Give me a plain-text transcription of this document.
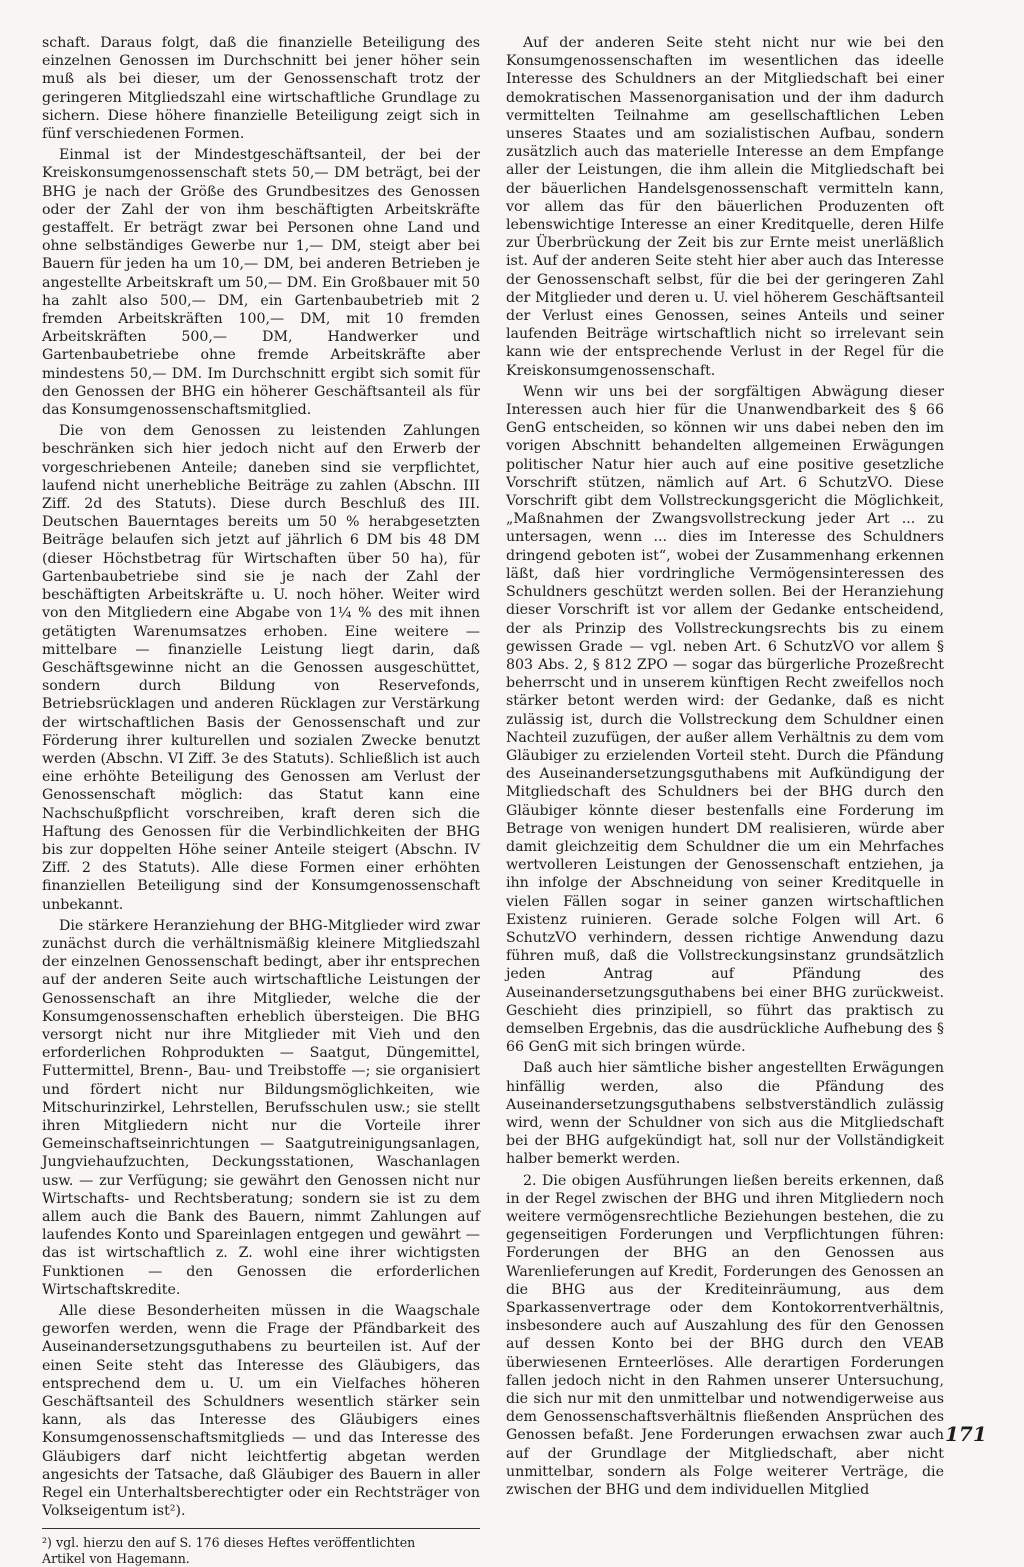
schaft. Daraus folgt, daß die finanzielle Beteiligung des einzelnen Genossen im Durchschnitt bei jener höher sein muß als bei dieser, um der Genossenschaft trotz der geringeren Mitgliedszahl eine wirtschaftliche Grundlage zu sichern. Diese höhere finanzielle Beteiligung zeigt sich in fünf verschiedenen Formen.

Einmal ist der Mindestgeschäftsanteil, der bei der Kreiskonsumgenossenschaft stets 50,— DM beträgt, bei der BHG je nach der Größe des Grundbesitzes des Genossen oder der Zahl der von ihm beschäftigten Arbeitskräfte gestaffelt. Er beträgt zwar bei Personen ohne Land und ohne selbständiges Gewerbe nur 1,— DM, steigt aber bei Bauern für jeden ha um 10,— DM, bei anderen Betrieben je angestellte Arbeitskraft um 50,— DM. Ein Großbauer mit 50 ha zahlt also 500,— DM, ein Gartenbaubetrieb mit 2 fremden Arbeitskräften 100,— DM, mit 10 fremden Arbeitskräften 500,— DM, Handwerker und Gartenbaubetriebe ohne fremde Arbeitskräfte aber mindestens 50,— DM. Im Durchschnitt ergibt sich somit für den Genossen der BHG ein höherer Geschäftsanteil als für das Konsumgenossenschaftsmitglied.

Die von dem Genossen zu leistenden Zahlungen beschränken sich hier jedoch nicht auf den Erwerb der vorgeschriebenen Anteile; daneben sind sie verpflichtet, laufend nicht unerhebliche Beiträge zu zahlen (Abschn. III Ziff. 2d des Statuts). Diese durch Beschluß des III. Deutschen Bauerntages bereits um 50 % herabgesetzten Beiträge belaufen sich jetzt auf jährlich 6 DM bis 48 DM (dieser Höchstbetrag für Wirtschaften über 50 ha), für Gartenbaubetriebe sind sie je nach der Zahl der beschäftigten Arbeitskräfte u. U. noch höher. Weiter wird von den Mitgliedern eine Abgabe von 1¼ % des mit ihnen getätigten Warenumsatzes erhoben. Eine weitere — mittelbare — finanzielle Leistung liegt darin, daß Geschäftsgewinne nicht an die Genossen ausgeschüttet, sondern durch Bildung von Reservefonds, Betriebsrücklagen und anderen Rücklagen zur Verstärkung der wirtschaftlichen Basis der Genossenschaft und zur Förderung ihrer kulturellen und sozialen Zwecke benutzt werden (Abschn. VI Ziff. 3e des Statuts). Schließlich ist auch eine erhöhte Beteiligung des Genossen am Verlust der Genossenschaft möglich: das Statut kann eine Nachschußpflicht vorschreiben, kraft deren sich die Haftung des Genossen für die Verbindlichkeiten der BHG bis zur doppelten Höhe seiner Anteile steigert (Abschn. IV Ziff. 2 des Statuts). Alle diese Formen einer erhöhten finanziellen Beteiligung sind der Konsumgenossenschaft unbekannt.

Die stärkere Heranziehung der BHG-Mitglieder wird zwar zunächst durch die verhältnismäßig kleinere Mitgliedszahl der einzelnen Genossenschaft bedingt, aber ihr entsprechen auf der anderen Seite auch wirtschaftliche Leistungen der Genossenschaft an ihre Mitglieder, welche die der Konsumgenossenschaften erheblich übersteigen. Die BHG versorgt nicht nur ihre Mitglieder mit Vieh und den erforderlichen Rohprodukten — Saatgut, Düngemittel, Futtermittel, Brenn-, Bau- und Treibstoffe —; sie organisiert und fördert nicht nur Bildungsmöglichkeiten, wie Mitschurinzirkel, Lehrstellen, Berufsschulen usw.; sie stellt ihren Mitgliedern nicht nur die Vorteile ihrer Gemeinschaftseinrichtungen — Saatgutreinigungsanlagen, Jungviehaufzuchten, Deckungsstationen, Waschanlagen usw. — zur Verfügung; sie gewährt den Genossen nicht nur Wirtschafts- und Rechtsberatung; sondern sie ist zu dem allem auch die Bank des Bauern, nimmt Zahlungen auf laufendes Konto und Spareinlagen entgegen und gewährt — das ist wirtschaftlich z. Z. wohl eine ihrer wichtigsten Funktionen — den Genossen die erforderlichen Wirtschaftskredite.

Alle diese Besonderheiten müssen in die Waagschale geworfen werden, wenn die Frage der Pfändbarkeit des Auseinandersetzungsguthabens zu beurteilen ist. Auf der einen Seite steht das Interesse des Gläubigers, das entsprechend dem u. U. um ein Vielfaches höheren Geschäftsanteil des Schuldners wesentlich stärker sein kann, als das Interesse des Gläubigers eines Konsumgenossenschaftsmitglieds — und das Interesse des Gläubigers darf nicht leichtfertig abgetan werden angesichts der Tatsache, daß Gläubiger des Bauern in aller Regel ein Unterhaltsberechtigter oder ein Rechtsträger von Volkseigentum ist²).

²) vgl. hierzu den auf S. 176 dieses Heftes veröffentlichten
Artikel von Hagemann.

Auf der anderen Seite steht nicht nur wie bei den Konsumgenossenschaften im wesentlichen das ideelle Interesse des Schuldners an der Mitgliedschaft bei einer demokratischen Massenorganisation und der ihm dadurch vermittelten Teilnahme am gesellschaftlichen Leben unseres Staates und am sozialistischen Aufbau, sondern zusätzlich auch das materielle Interesse an dem Empfange aller der Leistungen, die ihm allein die Mitgliedschaft bei der bäuerlichen Handelsgenossenschaft vermitteln kann, vor allem das für den bäuerlichen Produzenten oft lebenswichtige Interesse an einer Kreditquelle, deren Hilfe zur Überbrückung der Zeit bis zur Ernte meist unerläßlich ist. Auf der anderen Seite steht hier aber auch das Interesse der Genossenschaft selbst, für die bei der geringeren Zahl der Mitglieder und deren u. U. viel höherem Geschäftsanteil der Verlust eines Genossen, seines Anteils und seiner laufenden Beiträge wirtschaftlich nicht so irrelevant sein kann wie der entsprechende Verlust in der Regel für die Kreiskonsumgenossenschaft.

Wenn wir uns bei der sorgfältigen Abwägung dieser Interessen auch hier für die Unanwendbarkeit des § 66 GenG entscheiden, so können wir uns dabei neben den im vorigen Abschnitt behandelten allgemeinen Erwägungen politischer Natur hier auch auf eine positive gesetzliche Vorschrift stützen, nämlich auf Art. 6 SchutzVO. Diese Vorschrift gibt dem Vollstreckungsgericht die Möglichkeit, „Maßnahmen der Zwangsvollstreckung jeder Art ... zu untersagen, wenn ... dies im Interesse des Schuldners dringend geboten ist“, wobei der Zusammenhang erkennen läßt, daß hier vordringliche Vermögensinteressen des Schuldners geschützt werden sollen. Bei der Heranziehung dieser Vorschrift ist vor allem der Gedanke entscheidend, der als Prinzip des Vollstreckungsrechts bis zu einem gewissen Grade — vgl. neben Art. 6 SchutzVO vor allem § 803 Abs. 2, § 812 ZPO — sogar das bürgerliche Prozeßrecht beherrscht und in unserem künftigen Recht zweifellos noch stärker betont werden wird: der Gedanke, daß es nicht zulässig ist, durch die Vollstreckung dem Schuldner einen Nachteil zuzufügen, der außer allem Verhältnis zu dem vom Gläubiger zu erzielenden Vorteil steht. Durch die Pfändung des Auseinandersetzungsguthabens mit Aufkündigung der Mitgliedschaft des Schuldners bei der BHG durch den Gläubiger könnte dieser bestenfalls eine Forderung im Betrage von wenigen hundert DM realisieren, würde aber damit gleichzeitig dem Schuldner die um ein Mehrfaches wertvolleren Leistungen der Genossenschaft entziehen, ja ihn infolge der Abschneidung von seiner Kreditquelle in vielen Fällen sogar in seiner ganzen wirtschaftlichen Existenz ruinieren. Gerade solche Folgen will Art. 6 SchutzVO verhindern, dessen richtige Anwendung dazu führen muß, daß die Vollstreckungsinstanz grundsätzlich jeden Antrag auf Pfändung des Auseinandersetzungsguthabens bei einer BHG zurückweist. Geschieht dies prinzipiell, so führt das praktisch zu demselben Ergebnis, das die ausdrückliche Aufhebung des § 66 GenG mit sich bringen würde.

Daß auch hier sämtliche bisher angestellten Erwägungen hinfällig werden, also die Pfändung des Auseinandersetzungsguthabens selbstverständlich zulässig wird, wenn der Schuldner von sich aus die Mitgliedschaft bei der BHG aufgekündigt hat, soll nur der Vollständigkeit halber bemerkt werden.

2. Die obigen Ausführungen ließen bereits erkennen, daß in der Regel zwischen der BHG und ihren Mitgliedern noch weitere vermögensrechtliche Beziehungen bestehen, die zu gegenseitigen Forderungen und Verpflichtungen führen: Forderungen der BHG an den Genossen aus Warenlieferungen auf Kredit, Forderungen des Genossen an die BHG aus der Krediteinräumung, aus dem Sparkassenvertrage oder dem Kontokorrentverhältnis, insbesondere auch auf Auszahlung des für den Genossen auf dessen Konto bei der BHG durch den VEAB überwiesenen Ernteerlöses. Alle derartigen Forderungen fallen jedoch nicht in den Rahmen unserer Untersuchung, die sich nur mit den unmittelbar und notwendigerweise aus dem Genossenschaftsverhältnis fließenden Ansprüchen des Genossen befaßt. Jene Forderungen erwachsen zwar auch auf der Grundlage der Mitgliedschaft, aber nicht unmittelbar, sondern als Folge weiterer Verträge, die zwischen der BHG und dem individuellen Mitglied

171
